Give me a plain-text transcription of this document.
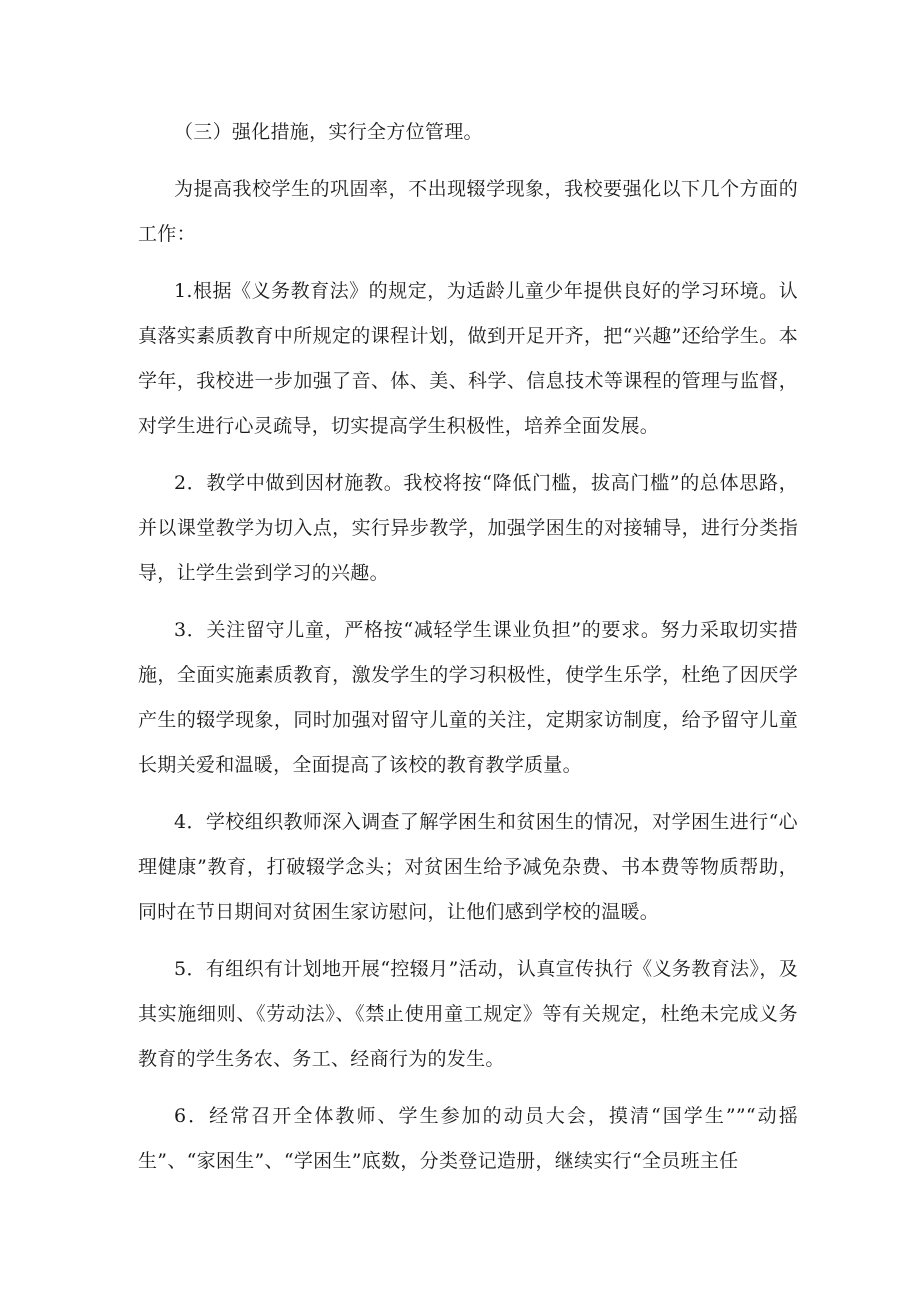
（三）强化措施，实行全方位管理。

为提高我校学生的巩固率，不出现辍学现象，我校要强化以下几个方面的工作：

1.根据《义务教育法》的规定，为适龄儿童少年提供良好的学习环境。认真落实素质教育中所规定的课程计划，做到开足开齐，把“兴趣”还给学生。本学年，我校进一步加强了音、体、美、科学、信息技术等课程的管理与监督，对学生进行心灵疏导，切实提高学生积极性，培养全面发展。

2．教学中做到因材施教。我校将按“降低门槛，拔高门槛”的总体思路，并以课堂教学为切入点，实行异步教学，加强学困生的对接辅导，进行分类指导，让学生尝到学习的兴趣。

3．关注留守儿童，严格按“减轻学生课业负担”的要求。努力采取切实措施，全面实施素质教育，激发学生的学习积极性，使学生乐学，杜绝了因厌学产生的辍学现象，同时加强对留守儿童的关注，定期家访制度，给予留守儿童长期关爱和温暖，全面提高了该校的教育教学质量。

4．学校组织教师深入调查了解学困生和贫困生的情况，对学困生进行“心理健康”教育，打破辍学念头；对贫困生给予减免杂费、书本费等物质帮助，同时在节日期间对贫困生家访慰问，让他们感到学校的温暖。

5．有组织有计划地开展“控辍月”活动，认真宣传执行《义务教育法》，及其实施细则、《劳动法》、《禁止使用童工规定》等有关规定，杜绝未完成义务教育的学生务农、务工、经商行为的发生。

6．经常召开全体教师、学生参加的动员大会，摸清“国学生””“动摇生”、“家困生”、“学困生”底数，分类登记造册，继续实行“全员班主任
